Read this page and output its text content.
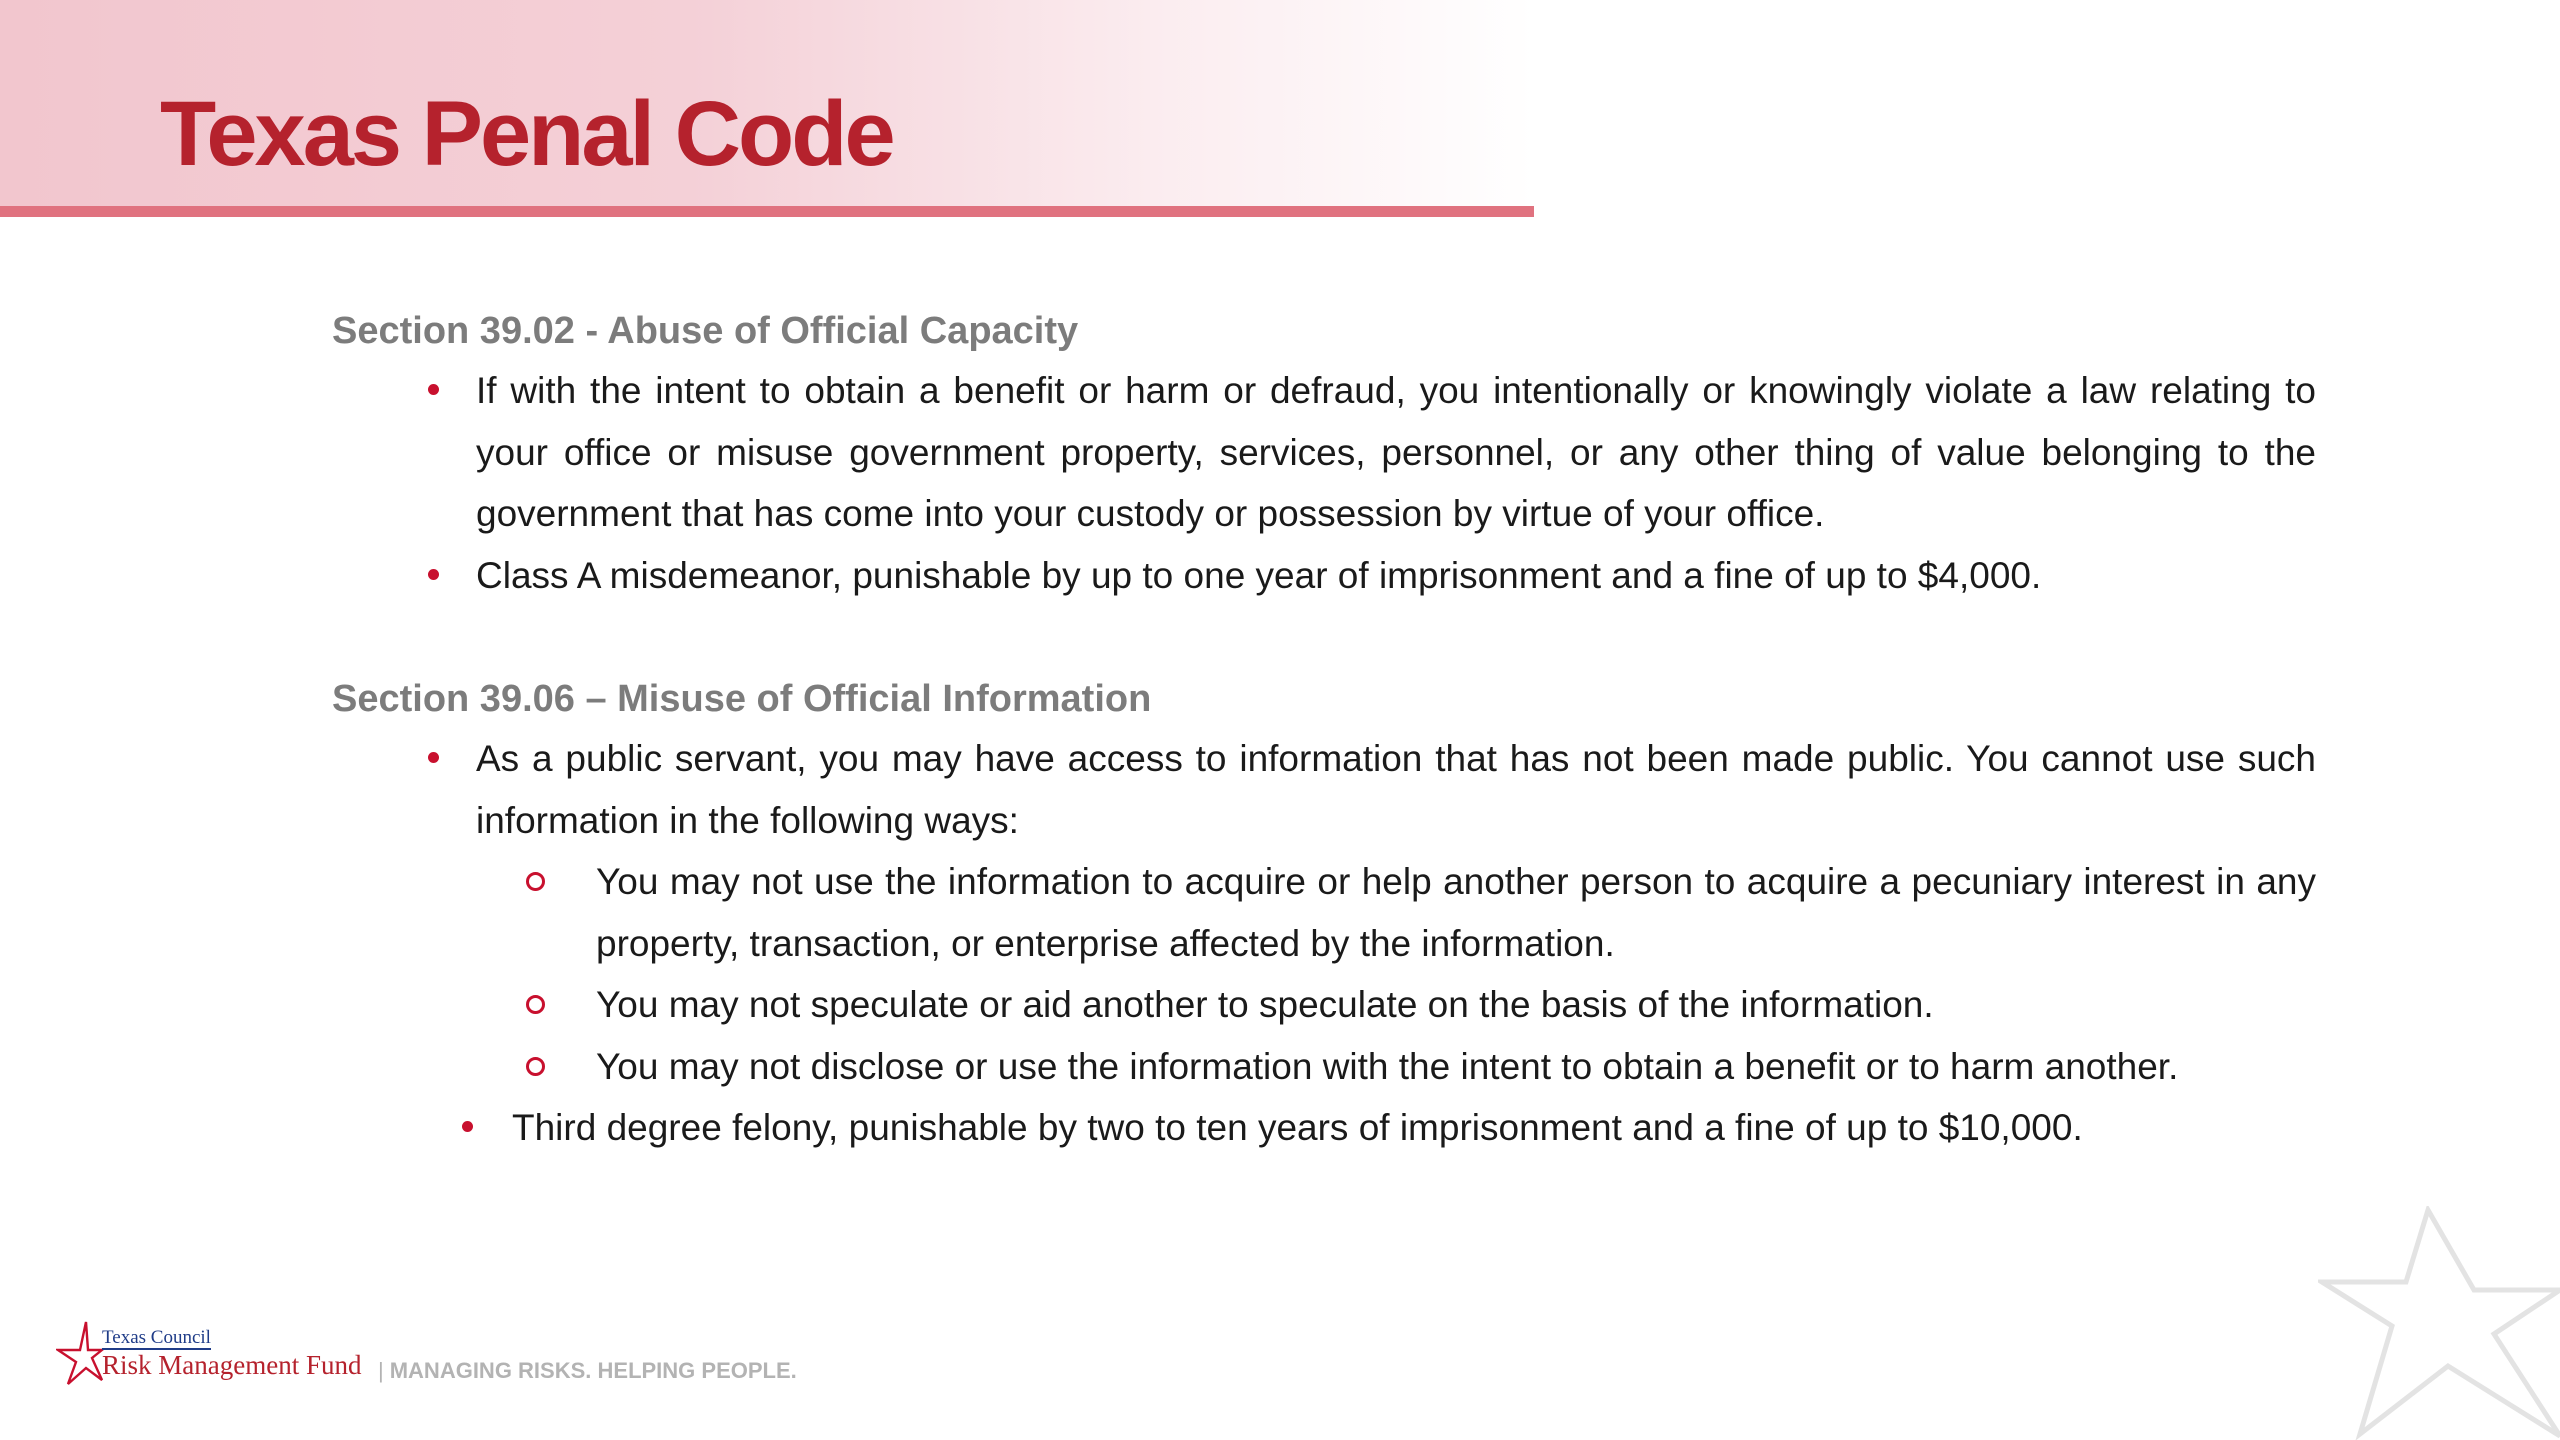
Texas Penal Code

Section 39.02 - Abuse of Official Capacity

If with the intent to obtain a benefit or harm or defraud, you intentionally or knowingly violate a law relating to your office or misuse government property, services, personnel, or any other thing of value belonging to the government that has come into your custody or possession by virtue of your office.
Class A misdemeanor, punishable by up to one year of imprisonment and a fine of up to $4,000.

Section 39.06 – Misuse of Official Information

As a public servant, you may have access to information that has not been made public. You cannot use such information in the following ways:
You may not use the information to acquire or help another person to acquire a pecuniary interest in any property, transaction, or enterprise affected by the information.
You may not speculate or aid another to speculate on the basis of the information.
You may not disclose or use the information with the intent to obtain a benefit or to harm another.
Third degree felony, punishable by two to ten years of imprisonment and a fine of up to $10,000.
Texas Council
Risk Management Fund | MANAGING RISKS. HELPING PEOPLE.
